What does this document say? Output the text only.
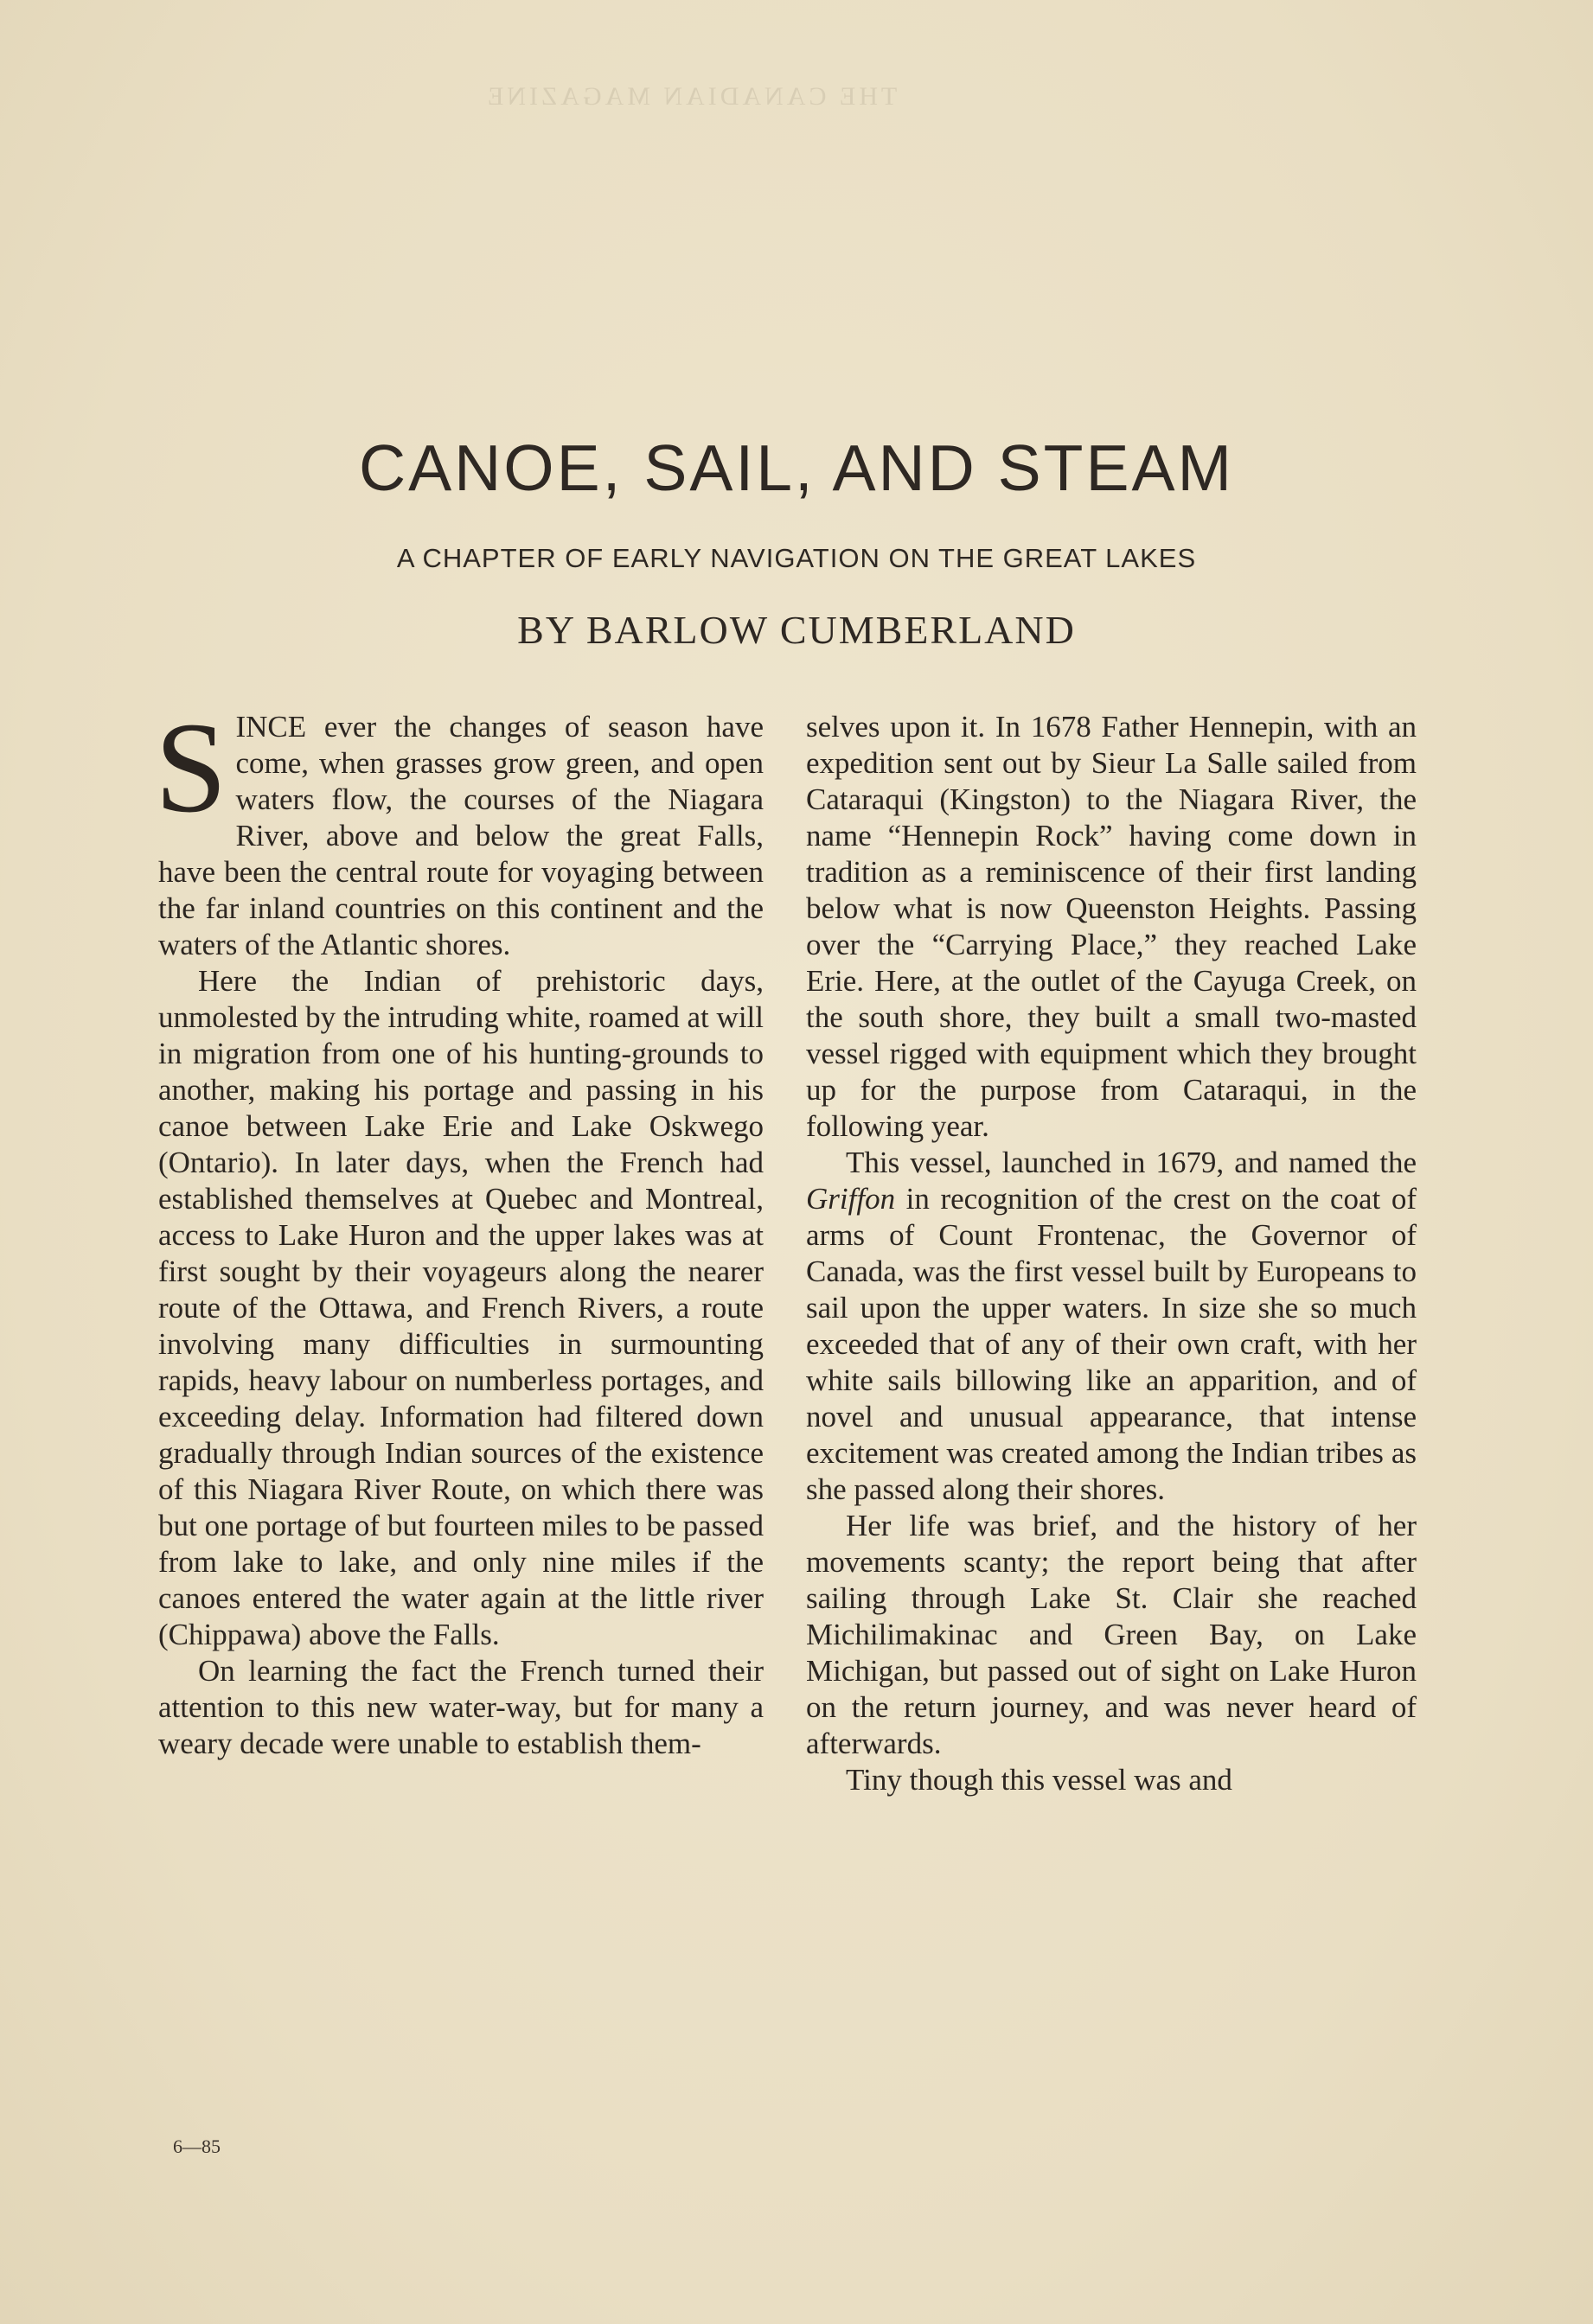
THE CANADIAN MAGAZINE
CANOE, SAIL, AND STEAM
A CHAPTER OF EARLY NAVIGATION ON THE GREAT LAKES
BY BARLOW CUMBERLAND

SINCE ever the changes of season have come, when grasses grow green, and open waters flow, the courses of the Niagara River, above and below the great Falls, have been the central route for voyaging between the far inland countries on this continent and the waters of the Atlantic shores.

Here the Indian of prehistoric days, unmolested by the intruding white, roamed at will in migration from one of his hunting-grounds to another, making his portage and passing in his canoe between Lake Erie and Lake Oskwego (Ontario). In later days, when the French had established themselves at Quebec and Montreal, access to Lake Huron and the upper lakes was at first sought by their voyageurs along the nearer route of the Ottawa, and French Rivers, a route involving many difficulties in surmounting rapids, heavy labour on numberless portages, and exceeding delay. Information had filtered down gradually through Indian sources of the existence of this Niagara River Route, on which there was but one portage of but fourteen miles to be passed from lake to lake, and only nine miles if the canoes entered the water again at the little river (Chippawa) above the Falls.

On learning the fact the French turned their attention to this new water-way, but for many a weary decade were unable to establish them-

selves upon it. In 1678 Father Hennepin, with an expedition sent out by Sieur La Salle sailed from Cataraqui (Kingston) to the Niagara River, the name “Hennepin Rock” having come down in tradition as a reminiscence of their first landing below what is now Queenston Heights. Passing over the “Carrying Place,” they reached Lake Erie. Here, at the outlet of the Cayuga Creek, on the south shore, they built a small two-masted vessel rigged with equipment which they brought up for the purpose from Cataraqui, in the following year.

This vessel, launched in 1679, and named the Griffon in recognition of the crest on the coat of arms of Count Frontenac, the Governor of Canada, was the first vessel built by Europeans to sail upon the upper waters. In size she so much exceeded that of any of their own craft, with her white sails billowing like an apparition, and of novel and unusual appearance, that intense excitement was created among the Indian tribes as she passed along their shores.

Her life was brief, and the history of her movements scanty; the report being that after sailing through Lake St. Clair she reached Michilimakinac and Green Bay, on Lake Michigan, but passed out of sight on Lake Huron on the return journey, and was never heard of afterwards.

Tiny though this vessel was and

6—85
